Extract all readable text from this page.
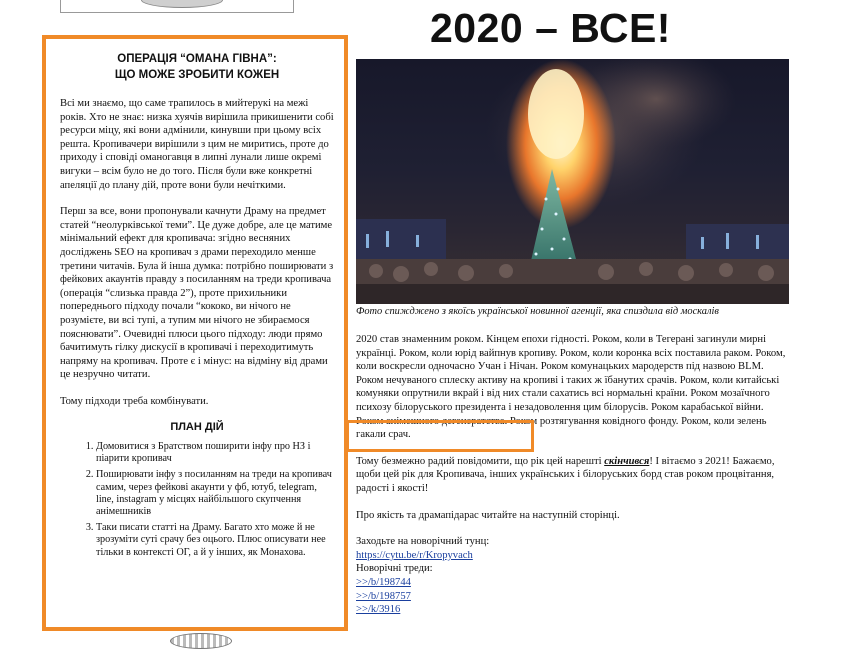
ОПЕРАЦІЯ “ОМАНА ГІВНА”:
ЩО МОЖЕ ЗРОБИТИ КОЖЕН

Всі ми знаємо, що саме трапилось в мийтерукі на межі років. Хто не знає: низка хуячів вирішила прикишенити собі ресурси міцу, які вони адмінили, кинувши при цьому всіх решта. Кропивачери вирішили з цим не миритись, проте до приходу і сповіді оманогавця в липні лунали лише окремі вигуки – всім було не до того. Після були вже конкретні апеляції до плану дій, проте вони були нечіткими.

Перш за все, вони пропонували качнути Драму на предмет статей “неолурківської теми”. Це дуже добре, але це матиме мінімальний ефект для кропивача: згідно весняних досліджень SEO на кропивач з драми переходило менше третини читачів. Була й інша думка: потрібно поширювати з фейкових акаунтів правду з посиланням на треди кропивача (операція “слизька правда 2”), проте прихильники попереднього підходу почали “кококо, ви нічого не розумієте, ви всі тупі, а тупим ми нічого не збираємося пояснювати”. Очевидні плюси цього підходу: люди прямо бачитимуть гілку дискусії в кропивачі і переходитимуть напряму на кропивач. Проте є і мінус: на відміну від драми це незручно читати.

Тому підходи треба комбінувати.

ПЛАН ДІЙ
1. Домовитися з Братством поширити інфу про НЗ і піарити кропивач
2. Поширювати інфу з посиланням на треди на кропивач самим, через фейкові акаунти у фб, ютуб, telegram, line, instagram у місцях найбільшого скупчення анімешників
3. Таки писати статті на Драму. Багато хто може й не зрозуміти суті срачу без оцього. Плюс описувати нее тільки в контексті ОГ, а й у інших, як Монахова.
2020 – ВСЕ!
Фото спиждженo з якоїсь української новинної агенції, яка спиздила від москалів

2020 став знаменним роком. Кінцем епохи гідності. Роком, коли в Тегерані загинули мирні українці. Роком, коли юрід вайпнув кропиву. Роком, коли коронка всіх поставила раком. Роком, коли воскресли одночасно Учан і Нічан. Роком комунацьких мародерств під назвою BLM. Роком нечуваного сплеску активу на кропиві і таких ж їбанутих срачів. Роком, коли китайські комуняки опрутнили вкрай і від них стали сахатись всі нормальні країни. Роком мозаїчного психозу білоруського президента і незадоволення цим білорусів. Роком карабаської війни. Роком анімешного дегенератства. Роком розтягування ковідного фонду. Роком, коли зелень гакали срач.

Тому безмежно радий повідомити, що рік цей нарешті скінчився! І вітаємо з 2021! Бажаємо, щоби цей рік для Кропивача, інших українських і білоруських борд став роком процвітання, радості і якості!

Про якість та драмапідарас читайте на наступній сторінці.

Заходьте на новорічний тунц:
https://cytu.be/r/Kropyvach
Новорічні треди:
>>/b/198744
>>/b/198757
>>/k/3916
